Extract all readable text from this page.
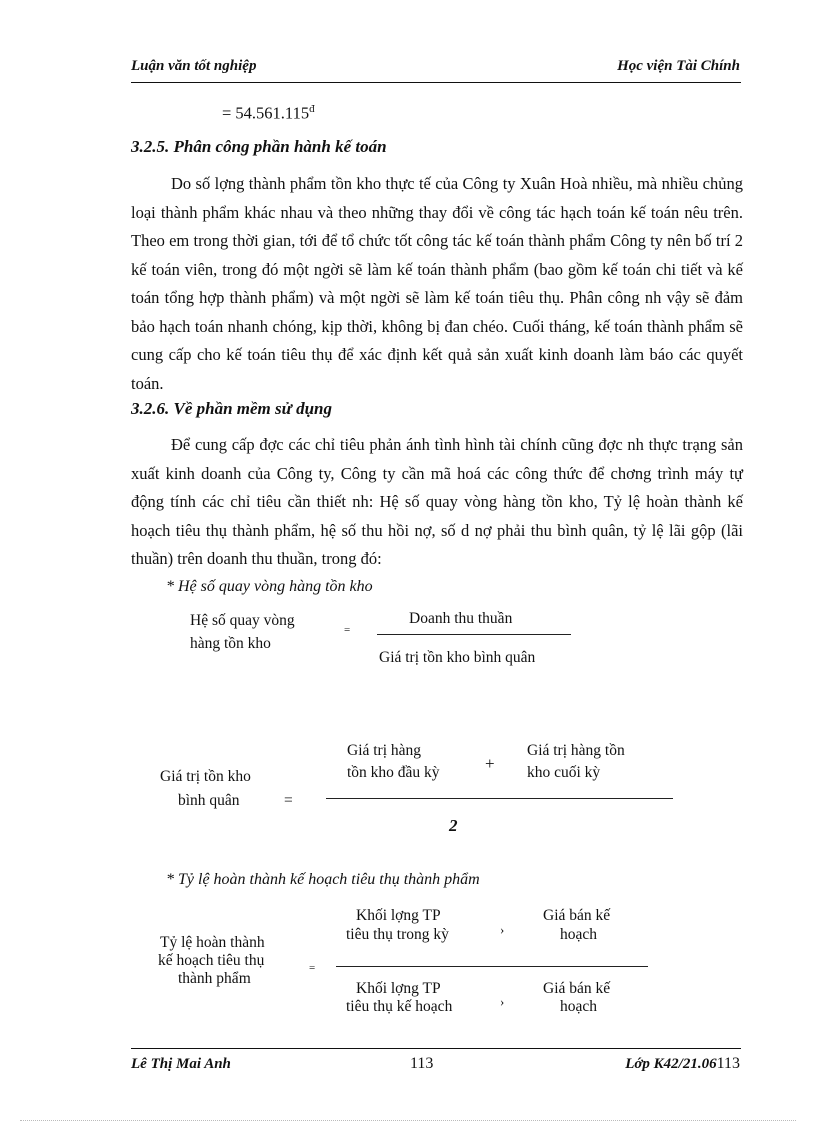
Luận văn tốt nghiệp	Học viện Tài Chính
= $54.561.115^đ$
3.2.5. Phân công phần hành kế toán

Do số lợng thành phẩm tồn kho thực tế của Công ty Xuân Hoà nhiều, mà nhiều chủng loại thành phẩm khác nhau và theo những thay đổi về công tác hạch toán kế toán nêu trên. Theo em trong thời gian, tới để tổ chức tốt công tác kế toán thành phẩm Công ty nên bố trí 2 kế toán viên, trong đó một ngời sẽ làm kế toán thành phẩm (bao gồm kế toán chi tiết và kế toán tổng hợp thành phẩm) và một ngời sẽ làm kế toán tiêu thụ. Phân công nh vậy sẽ đảm bảo hạch toán nhanh chóng, kịp thời, không bị đan chéo. Cuối tháng, kế toán thành phẩm sẽ cung cấp cho kế toán tiêu thụ để xác định kết quả sản xuất kinh doanh làm báo các quyết toán.

3.2.6. Về phần mềm sử dụng

Để cung cấp đợc các chỉ tiêu phản ánh tình hình tài chính cũng đợc nh thực trạng sản xuất kinh doanh của Công ty, Công ty cần mã hoá các công thức để chơng trình máy tự động tính các chỉ tiêu cần thiết nh: Hệ số quay vòng hàng tồn kho, Tỷ lệ hoàn thành kế hoạch tiêu thụ thành phẩm, hệ số thu hồi nợ, số d nợ phải thu bình quân, tỷ lệ lãi gộp (lãi thuần) trên doanh thu thuần, trong đó:

* Hệ số quay vòng hàng tồn kho
Hệ số quay vòng
hàng tồn kho
=
Doanh thu thuần
Giá trị tồn kho bình quân
Giá trị tồn kho
bình quân	=
Giá trị hàng
tồn kho đầu kỳ	+
Giá trị hàng tồn
kho cuối kỳ
2
* Tỷ lệ hoàn thành kế hoạch tiêu thụ thành phẩm
Tỷ lệ hoàn thành
kế hoạch tiêu thụ
thành phẩm
=
Khối lợng TP
tiêu thụ trong kỳ	›
Giá bán kế
hoạch
Khối lợng TP
tiêu thụ kế hoạch	›
Giá bán kế
hoạch
Lê Thị Mai Anh	113	Lớp K42/21.06113
